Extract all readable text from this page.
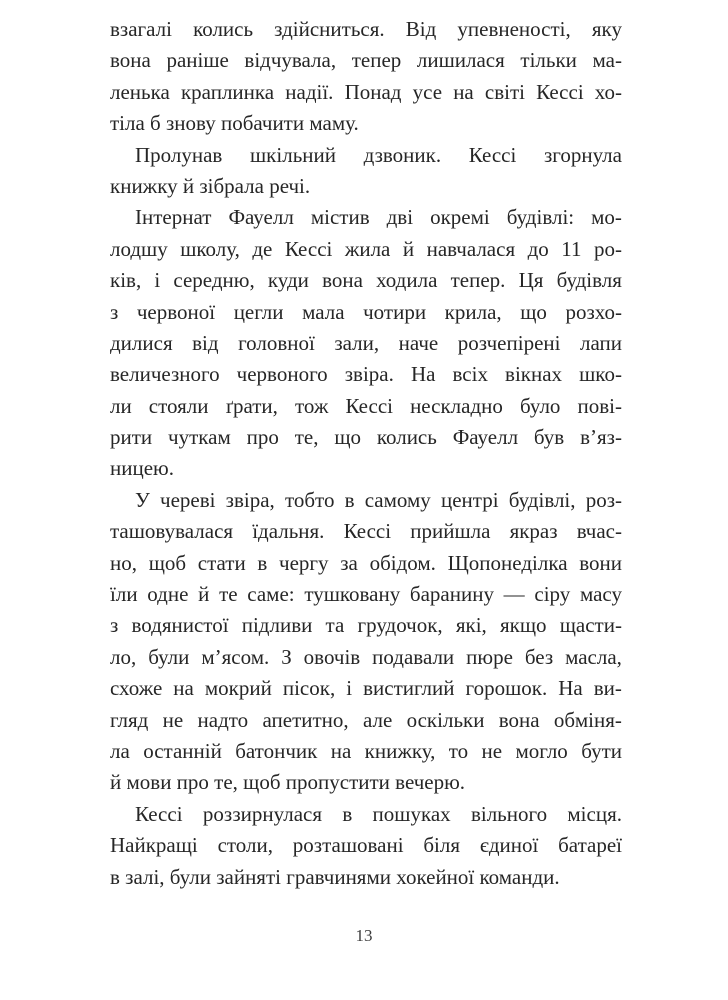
взагалі колись здійсниться. Від упевненості, яку
вона раніше відчувала, тепер лишилася тільки ма-
ленька краплинка надії. Понад усе на світі Кессі хо-
тіла б знову побачити маму.
Пролунав шкільний дзвоник. Кессі згорнула
книжку й зібрала речі.
Інтернат Фауелл містив дві окремі будівлі: мо-
лодшу школу, де Кессі жила й навчалася до 11 ро-
ків, і середню, куди вона ходила тепер. Ця будівля
з червоної цегли мала чотири крила, що розхо-
дилися від головної зали, наче розчепірені лапи
величезного червоного звіра. На всіх вікнах шко-
ли стояли ґрати, тож Кессі нескладно було пові-
рити чуткам про те, що колись Фауелл був в’яз-
ницею.
У череві звіра, тобто в самому центрі будівлі, роз-
ташовувалася їдальня. Кессі прийшла якраз вчас-
но, щоб стати в чергу за обідом. Щопонеділка вони
їли одне й те саме: тушковану баранину — сіру масу
з водянистої підливи та грудочок, які, якщо щасти-
ло, були м’ясом. З овочів подавали пюре без масла,
схоже на мокрий пісок, і вистиглий горошок. На ви-
гляд не надто апетитно, але оскільки вона обміня-
ла останній батончик на книжку, то не могло бути
й мови про те, щоб пропустити вечерю.
Кессі роззирнулася в пошуках вільного місця.
Найкращі столи, розташовані біля єдиної батареї
в залі, були зайняті гравчинями хокейної команди.
13
